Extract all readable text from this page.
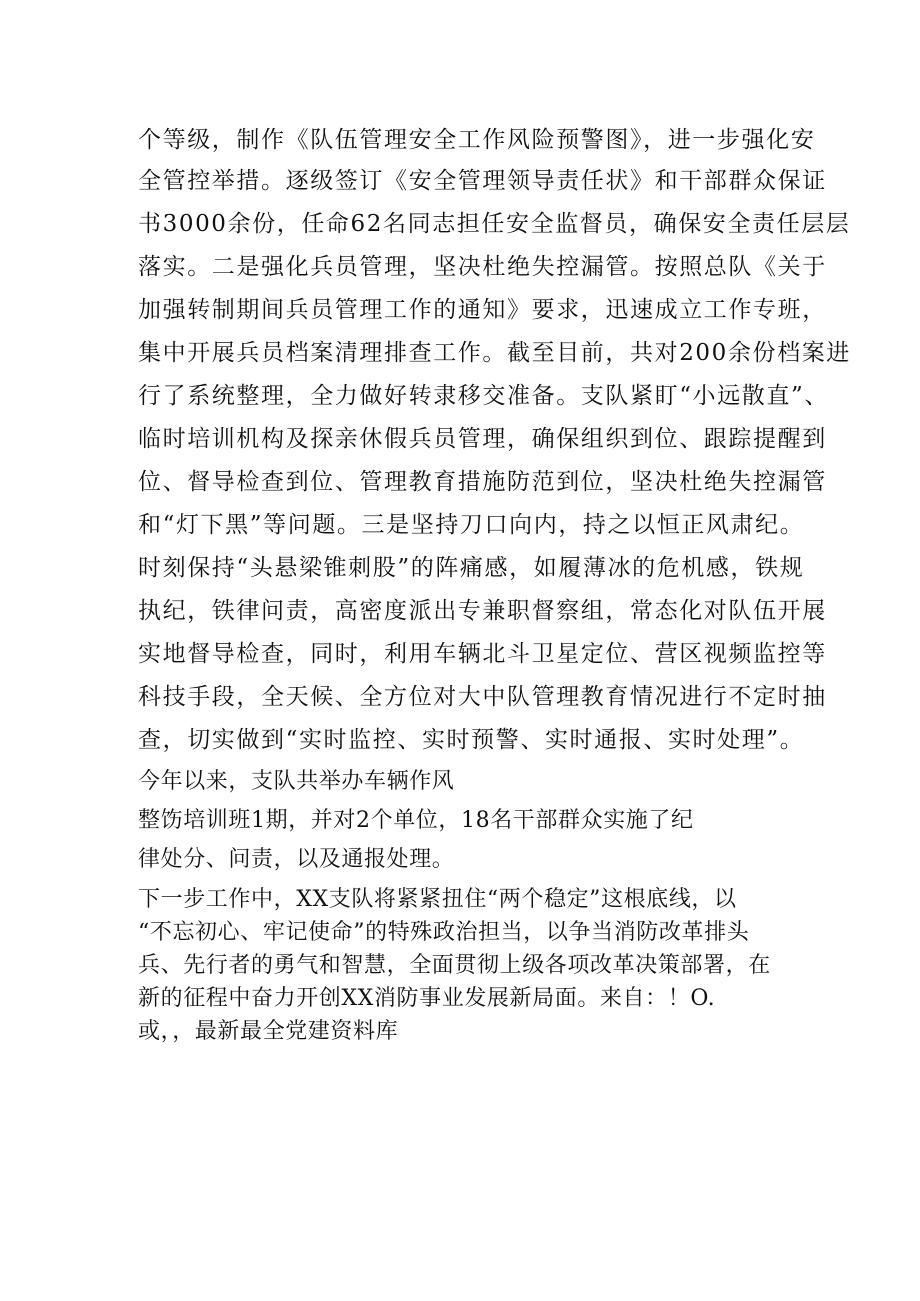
个等级，制作《队伍管理安全工作风险预警图》，进一步强化安
全管控举措。逐级签订《安全管理领导责任状》和干部群众保证
书3000余份，任命62名同志担任安全监督员，确保安全责任层层
落实。二是强化兵员管理，坚决杜绝失控漏管。按照总队《关于
加强转制期间兵员管理工作的通知》要求，迅速成立工作专班，
集中开展兵员档案清理排查工作。截至目前，共对200余份档案进
行了系统整理，全力做好转隶移交准备。支队紧盯“小远散直”、
临时培训机构及探亲休假兵员管理，确保组织到位、跟踪提醒到
位、督导检查到位、管理教育措施防范到位，坚决杜绝失控漏管
和“灯下黑”等问题。三是坚持刀口向内，持之以恒正风肃纪。
时刻保持“头悬梁锥刺股”的阵痛感，如履薄冰的危机感，铁规
执纪，铁律问责，高密度派出专兼职督察组，常态化对队伍开展
实地督导检查，同时，利用车辆北斗卫星定位、营区视频监控等
科技手段，全天候、全方位对大中队管理教育情况进行不定时抽
查，切实做到“实时监控、实时预警、实时通报、实时处理”。
今年以来，支队共举办车辆作风
整饬培训班1期，并对2个单位，18名干部群众实施了纪
律处分、问责，以及通报处理。
下一步工作中，XX支队将紧紧扭住“两个稳定”这根底线，以
“不忘初心、牢记使命”的特殊政治担当，以争当消防改革排头
兵、先行者的勇气和智慧，全面贯彻上级各项改革决策部署，在
新的征程中奋力开创XX消防事业发展新局面。来自：！O.
或，，最新最全党建资料库
